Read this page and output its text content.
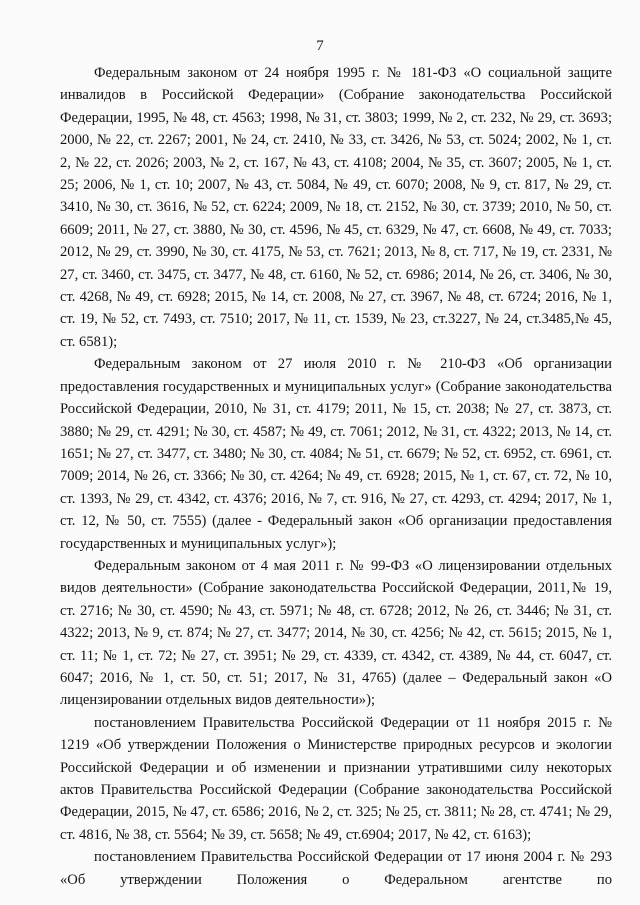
7

Федеральным законом от 24 ноября 1995 г. № 181-ФЗ «О социальной защите инвалидов в Российской Федерации» (Собрание законодательства Российской Федерации, 1995, № 48, ст. 4563; 1998, № 31, ст. 3803; 1999, № 2, ст. 232, № 29, ст. 3693; 2000, № 22, ст. 2267; 2001, № 24, ст. 2410, № 33, ст. 3426, № 53, ст. 5024; 2002, № 1, ст. 2, № 22, ст. 2026; 2003, № 2, ст. 167, № 43, ст. 4108; 2004, № 35, ст. 3607; 2005, № 1, ст. 25; 2006, № 1, ст. 10; 2007, № 43, ст. 5084, № 49, ст. 6070; 2008, № 9, ст. 817, № 29, ст. 3410, № 30, ст. 3616, № 52, ст. 6224; 2009, № 18, ст. 2152, № 30, ст. 3739; 2010, № 50, ст. 6609; 2011, № 27, ст. 3880, № 30, ст. 4596, № 45, ст. 6329, № 47, ст. 6608, № 49, ст. 7033; 2012, № 29, ст. 3990, № 30, ст. 4175, № 53, ст. 7621; 2013, № 8, ст. 717, № 19, ст. 2331, № 27, ст. 3460, ст. 3475, ст. 3477, № 48, ст. 6160, № 52, ст. 6986; 2014, № 26, ст. 3406, № 30, ст. 4268, № 49, ст. 6928; 2015, № 14, ст. 2008, № 27, ст. 3967, № 48, ст. 6724; 2016, № 1, ст. 19, № 52, ст. 7493, ст. 7510; 2017, № 11, ст. 1539, № 23, ст.3227, № 24, ст.3485,№ 45, ст. 6581);

Федеральным законом от 27 июля 2010 г. № 210-ФЗ «Об организации предоставления государственных и муниципальных услуг» (Собрание законодательства Российской Федерации, 2010, № 31, ст. 4179; 2011, № 15, ст. 2038; № 27, ст. 3873, ст. 3880; № 29, ст. 4291; № 30, ст. 4587; № 49, ст. 7061; 2012, № 31, ст. 4322; 2013, № 14, ст. 1651; № 27, ст. 3477, ст. 3480; № 30, ст. 4084; № 51, ст. 6679; № 52, ст. 6952, ст. 6961, ст. 7009; 2014, № 26, ст. 3366; № 30, ст. 4264; № 49, ст. 6928; 2015, № 1, ст. 67, ст. 72, № 10, ст. 1393, № 29, ст. 4342, ст. 4376; 2016, № 7, ст. 916, № 27, ст. 4293, ст. 4294; 2017, № 1, ст. 12, № 50, ст. 7555) (далее - Федеральный закон «Об организации предоставления государственных и муниципальных услуг»);

Федеральным законом от 4 мая 2011 г. № 99-ФЗ «О лицензировании отдельных видов деятельности» (Собрание законодательства Российской Федерации, 2011,№ 19, ст. 2716; № 30, ст. 4590; № 43, ст. 5971; № 48, ст. 6728; 2012, № 26, ст. 3446; № 31, ст. 4322; 2013, № 9, ст. 874; № 27, ст. 3477; 2014, № 30, ст. 4256; № 42, ст. 5615; 2015, № 1, ст. 11; № 1, ст. 72; № 27, ст. 3951; № 29, ст. 4339, ст. 4342, ст. 4389, № 44, ст. 6047, ст. 6047; 2016, № 1, ст. 50, ст. 51; 2017, № 31, 4765) (далее – Федеральный закон «О лицензировании отдельных видов деятельности»);

постановлением Правительства Российской Федерации от 11 ноября 2015 г. № 1219 «Об утверждении Положения о Министерстве природных ресурсов и экологии Российской Федерации и об изменении и признании утратившими силу некоторых актов Правительства Российской Федерации (Собрание законодательства Российской Федерации, 2015, № 47, ст. 6586; 2016, № 2, ст. 325; № 25, ст. 3811; № 28, ст. 4741; № 29, ст. 4816, № 38, ст. 5564; № 39, ст. 5658; № 49, ст.6904; 2017, № 42, ст. 6163);

постановлением Правительства Российской Федерации от 17 июня 2004 г. № 293 «Об утверждении Положения о Федеральном агентстве по
